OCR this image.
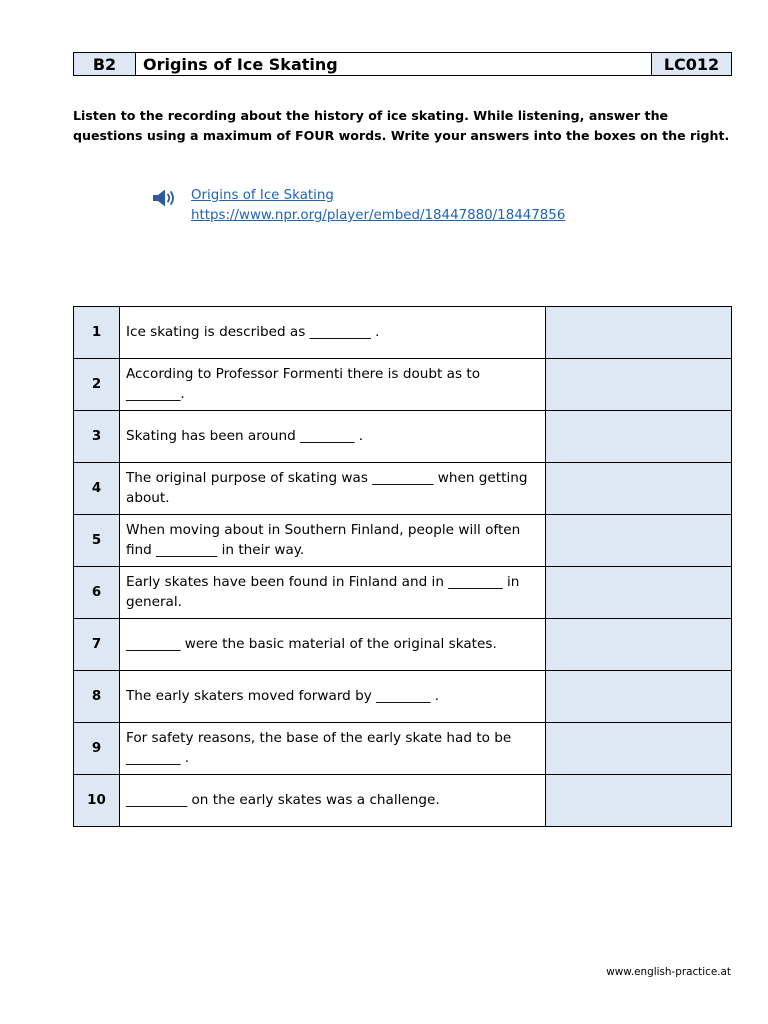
B2	Origins of Ice Skating	LC012

Listen to the recording about the history of ice skating. While listening, answer the questions using a maximum of FOUR words. Write your answers into the boxes on the right.

Origins of Ice Skating
https://www.npr.org/player/embed/18447880/18447856
1	Ice skating is described as _________ .	
2	According to Professor Formenti there is doubt as to ________.	
3	Skating has been around ________ .	
4	The original purpose of skating was _________ when getting about.	
5	When moving about in Southern Finland, people will often find _________ in their way.	
6	Early skates have been found in Finland and in ________ in general.	
7	________ were the basic material of the original skates.	
8	The early skaters moved forward by ________ .	
9	For safety reasons, the base of the early skate had to be ________ .	
10	_________ on the early skates was a challenge.	
www.english-practice.at
